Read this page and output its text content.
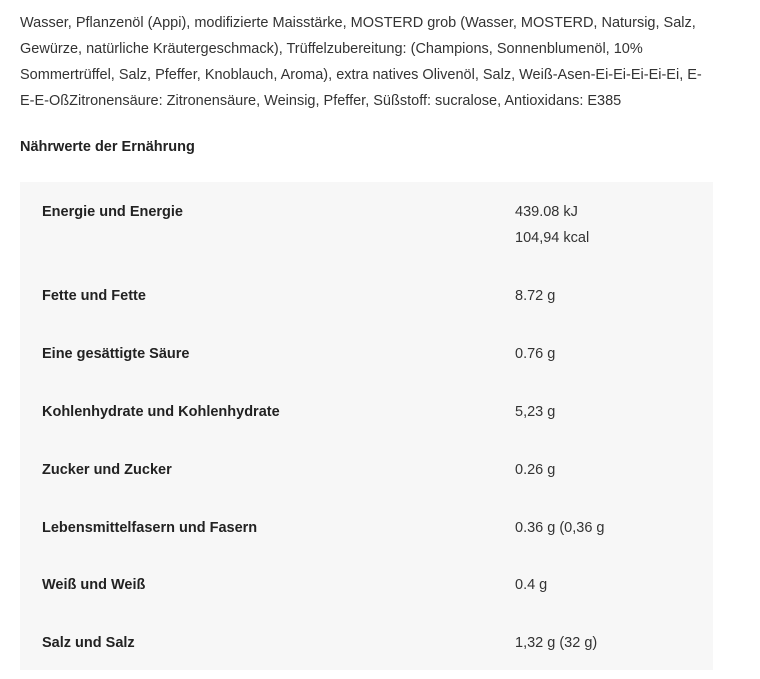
Wasser, Pflanzenöl (Appi), modifizierte Maisstärke, MOSTERD grob (Wasser, MOSTERD, Natursig, Salz,
Gewürze, natürliche Kräutergeschmack), Trüffelzubereitung: (Champions, Sonnenblumenöl, 10%
Sommertrüffel, Salz, Pfeffer, Knoblauch, Aroma), extra natives Olivenöl, Salz, Weiß-Asen-Ei-Ei-Ei-Ei-Ei, E-
E-E-OßZitronensäure: Zitronensäure, Weinsig, Pfeffer, Süßstoff: sucralose, Antioxidans: E385
Nährwerte der Ernährung
Energie und Energie	439.08 kJ
104,94 kcal
Fette und Fette	8.72 g
Eine gesättigte Säure	0.76 g
Kohlenhydrate und Kohlenhydrate	5,23 g
Zucker und Zucker	0.26 g
Lebensmittelfasern und Fasern	0.36 g (0,36 g
Weiß und Weiß	0.4 g
Salz und Salz	1,32 g (32 g)
